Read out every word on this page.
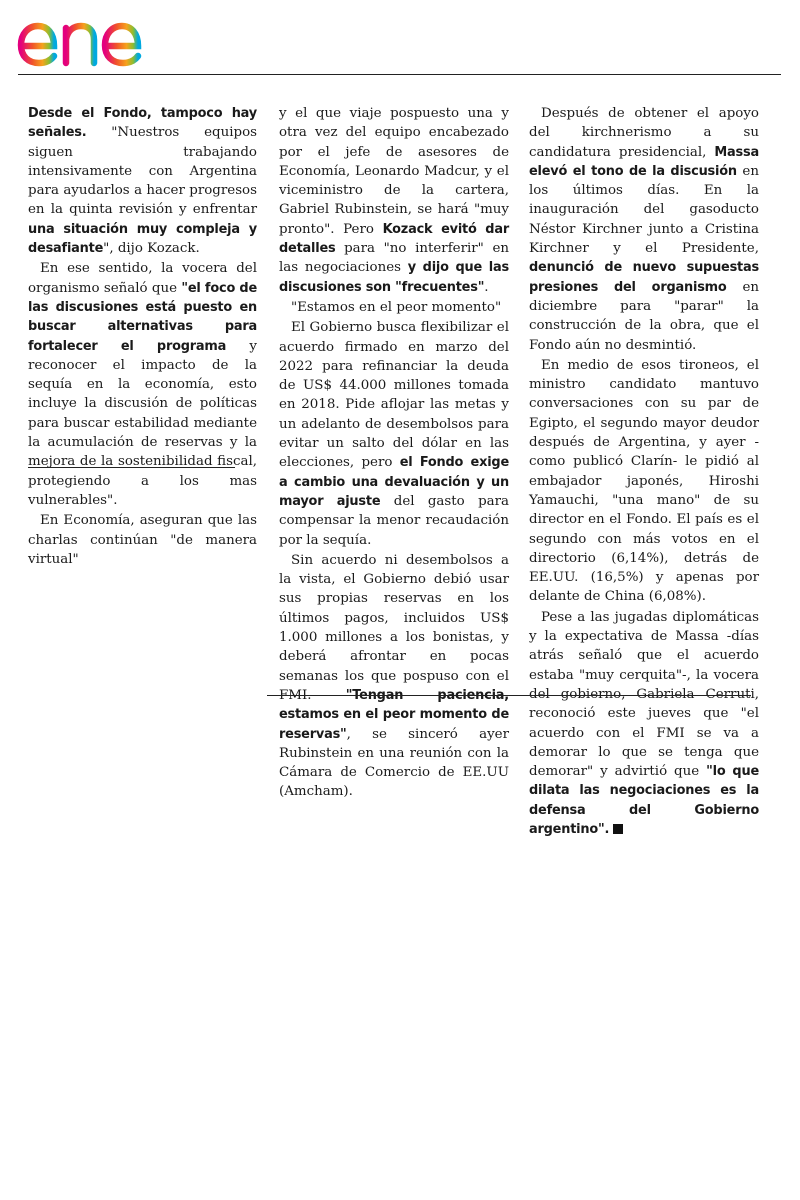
Desde el Fondo, tampoco hay señales. "Nuestros equipos siguen trabajando intensivamente con Argentina para ayudarlos a hacer progresos en la quinta revisión y enfrentar una situación muy compleja y desafiante", dijo Kozack.

En ese sentido, la vocera del organismo señaló que "el foco de las discusiones está puesto en buscar alternativas para fortalecer el programa y reconocer el impacto de la sequía en la economía, esto incluye la discusión de políticas para buscar estabilidad mediante la acumulación de reservas y la mejora de la sostenibilidad fiscal, protegiendo a los mas vulnerables".

En Economía, aseguran que las charlas continúan "de manera virtual"

y el que viaje pospuesto una y otra vez del equipo encabezado por el jefe de asesores de Economía, Leonardo Madcur, y el viceministro de la cartera, Gabriel Rubinstein, se hará "muy pronto". Pero Kozack evitó dar detalles para "no interferir" en las negociaciones y dijo que las discusiones son "frecuentes".

"Estamos en el peor momento"

El Gobierno busca flexibilizar el acuerdo firmado en marzo del 2022 para refinanciar la deuda de US$ 44.000 millones tomada en 2018. Pide aflojar las metas y un adelanto de desembolsos para evitar un salto del dólar en las elecciones, pero el Fondo exige a cambio una devaluación y un mayor ajuste del gasto para compensar la menor recaudación por la sequía.

Sin acuerdo ni desembolsos a la vista, el Gobierno debió usar sus propias reservas en los últimos pagos, incluidos US$ 1.000 millones a los bonistas, y deberá afrontar en pocas semanas los que pospuso con el FMI. "Tengan paciencia, estamos en el peor momento de reservas", se sinceró ayer Rubinstein en una reunión con la Cámara de Comercio de EE.UU (Amcham).

Después de obtener el apoyo del kirchnerismo a su candidatura presidencial, Massa elevó el tono de la discusión en los últimos días. En la inauguración del gasoducto Néstor Kirchner junto a Cristina Kirchner y el Presidente, denunció de nuevo supuestas presiones del organismo en diciembre para "parar" la construcción de la obra, que el Fondo aún no desmintió.

En medio de esos tironeos, el ministro candidato mantuvo conversaciones con su par de Egipto, el segundo mayor deudor después de Argentina, y ayer -como publicó Clarín- le pidió al embajador japonés, Hiroshi Yamauchi, "una mano" de su director en el Fondo. El país es el segundo con más votos en el directorio (6,14%), detrás de EE.UU. (16,5%) y apenas por delante de China (6,08%).

Pese a las jugadas diplomáticas y la expectativa de Massa -días atrás señaló que el acuerdo estaba "muy cerquita"-, la vocera del gobierno, Gabriela Cerruti, reconoció este jueves que "el acuerdo con el FMI se va a demorar lo que se tenga que demorar" y advirtió que "lo que dilata las negociaciones es la defensa del Gobierno argentino".
